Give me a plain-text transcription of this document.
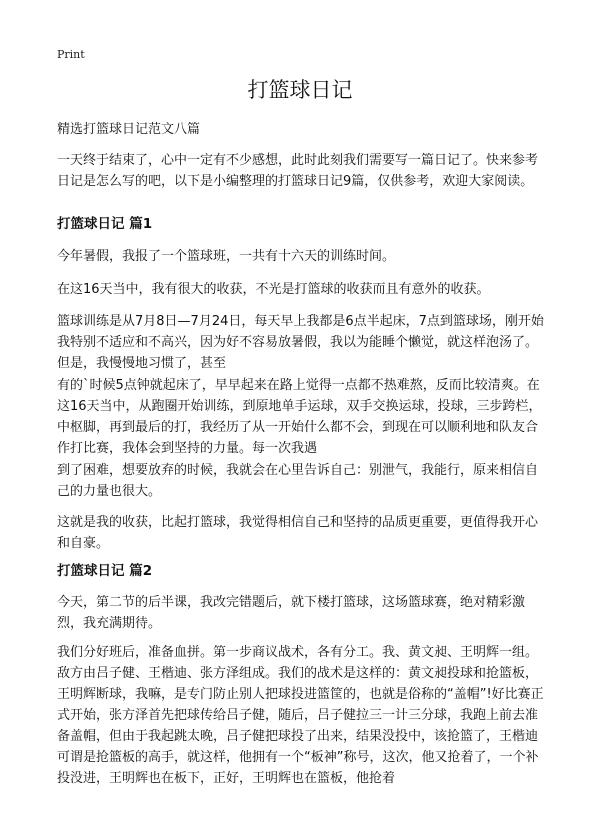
Print
打篮球日记
精选打篮球日记范文八篇
一天终于结束了，心中一定有不少感想，此时此刻我们需要写一篇日记了。快来参考日记是怎么写的吧，以下是小编整理的打篮球日记9篇，仅供参考，欢迎大家阅读。
打篮球日记 篇1
今年暑假，我报了一个篮球班，一共有十六天的训练时间。
在这16天当中，我有很大的收获，不光是打篮球的收获而且有意外的收获。
篮球训练是从7月8日—7月24日，每天早上我都是6点半起床，7点到篮球场，刚开始我特别不适应和不高兴，因为好不容易放暑假，我以为能睡个懒觉，就这样泡汤了。但是，我慢慢地习惯了，甚至
有的`时候5点钟就起床了，早早起来在路上觉得一点都不热难熬，反而比较清爽。在这16天当中，从跑圈开始训练，到原地单手运球，双手交换运球，投球，三步跨栏，中枢脚，再到最后的打，我经历了从一开始什么都不会，到现在可以顺利地和队友合作打比赛，我体会到坚持的力量。每一次我遇
到了困难，想要放弃的时候，我就会在心里告诉自己：别泄气，我能行，原来相信自己的力量也很大。
这就是我的收获，比起打篮球，我觉得相信自己和坚持的品质更重要，更值得我开心和自豪。
打篮球日记 篇2
今天，第二节的后半课，我改完错题后，就下楼打篮球，这场篮球赛，绝对精彩激烈，我充满期待。
我们分好班后，准备血拼。第一步商议战术，各有分工。我、黄文昶、王明辉一组。敌方由吕子健、王楷迪、张方泽组成。我们的战术是这样的：黄文昶投球和抢篮板，王明辉断球，我嘛，是专门防止别人把球投进篮筐的，也就是俗称的“盖帽”!好比赛正式开始，张方泽首先把球传给吕子健，随后，吕子健拉三一计三分球，我跑上前去准备盖帽，但由于我起跳太晚，吕子健把球投了出来，结果没投中，该抢篮了，王楷迪可谓是抢篮板的高手，就这样，他拥有一个“板神”称号，这次，他又抢着了，一个补投没进，王明辉也在板下，正好，王明辉也在篮板，他抢着
